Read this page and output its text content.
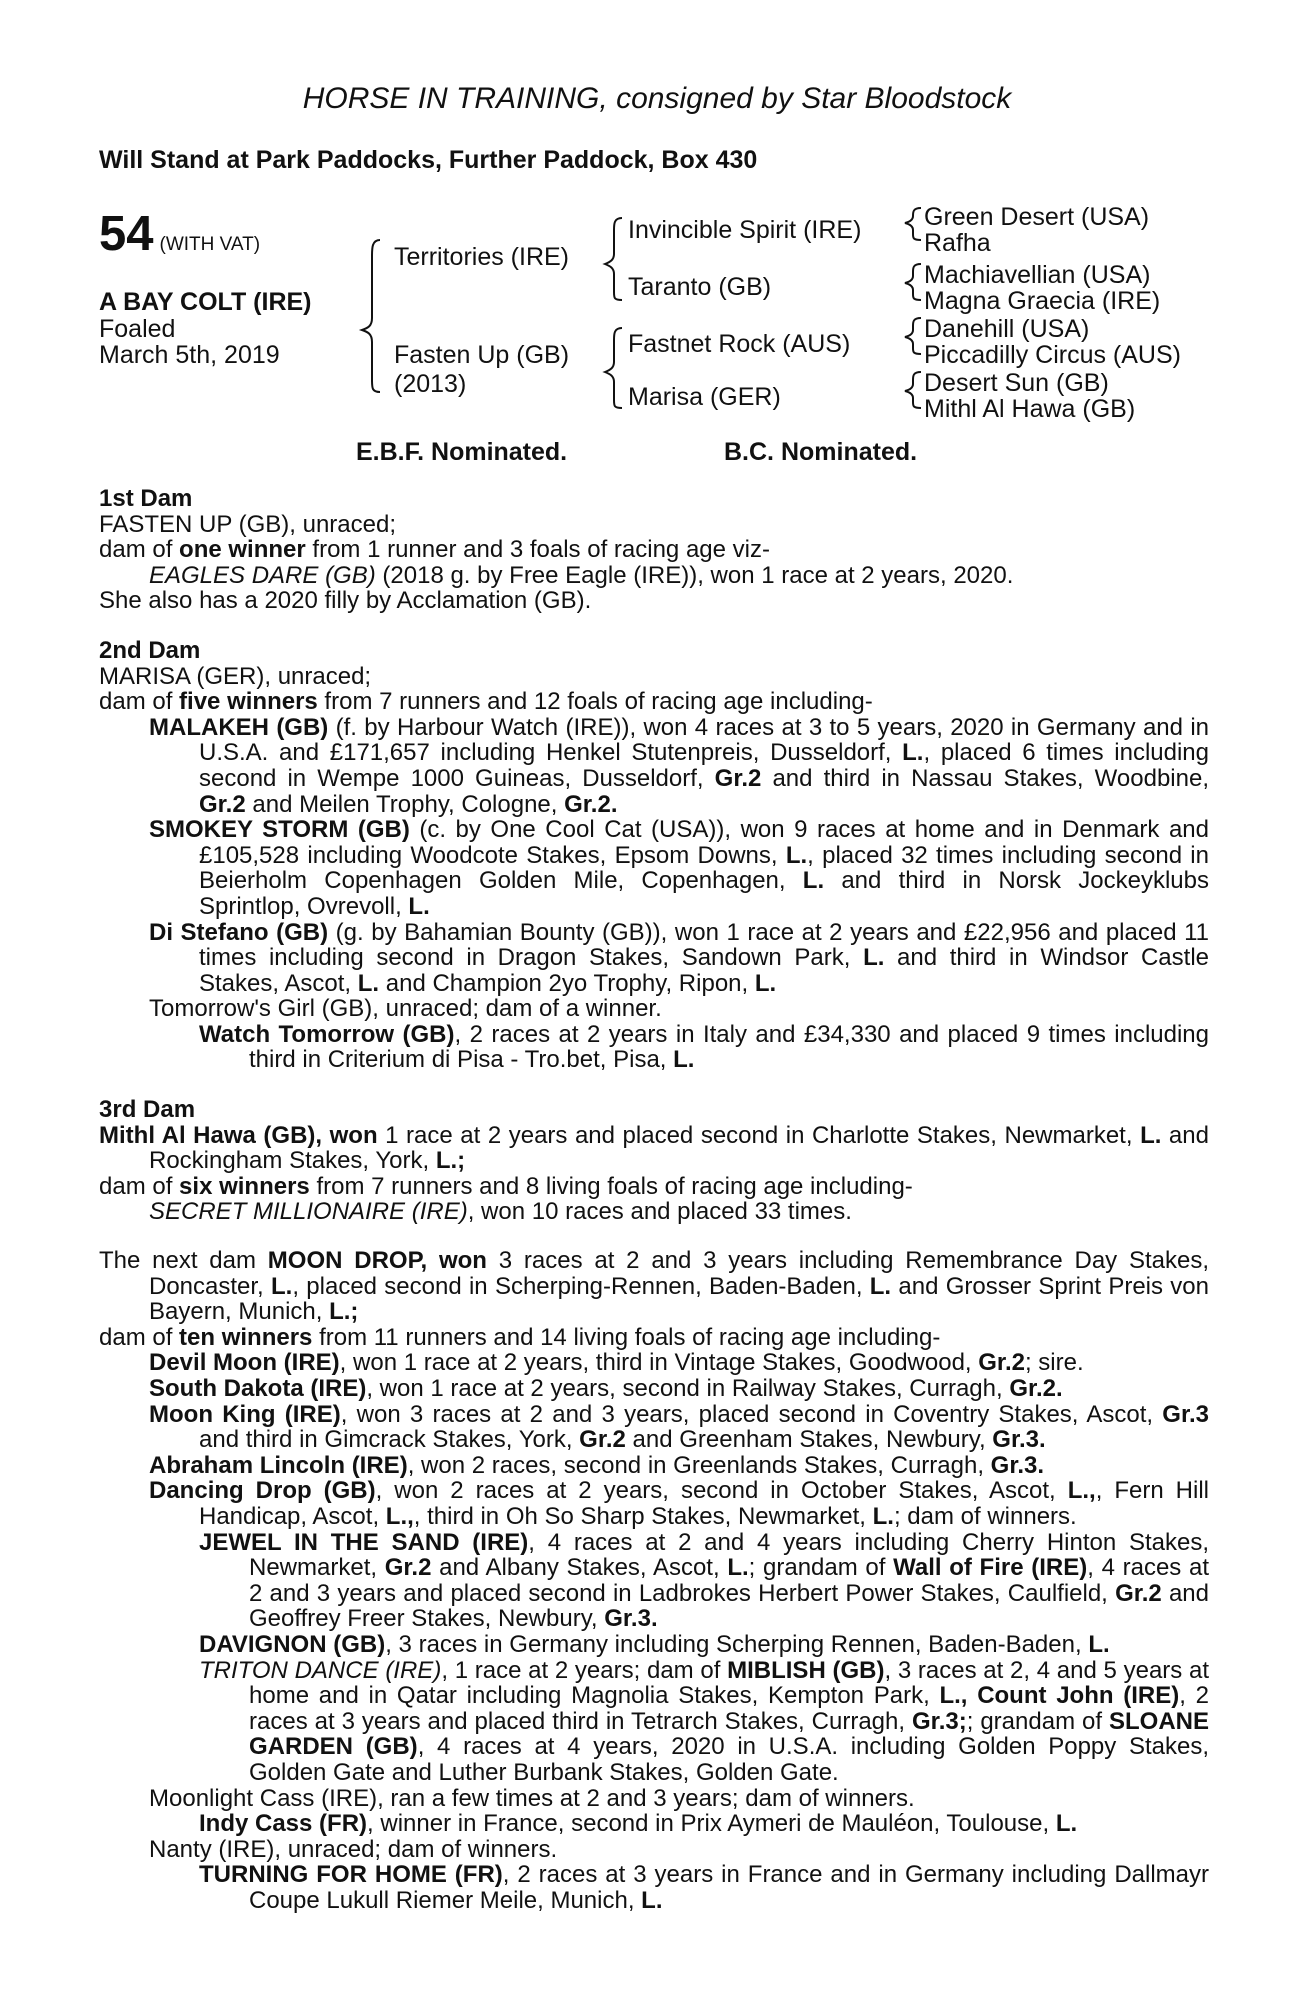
HORSE IN TRAINING, consigned by Star Bloodstock
Will Stand at Park Paddocks, Further Paddock, Box 430
54 (WITH VAT)
A BAY COLT (IRE)
Foaled
March 5th, 2019
Territories (IRE)
Fasten Up (GB)
(2013)
Invincible Spirit (IRE)
Taranto (GB)
Fastnet Rock (AUS)
Marisa (GER)
Green Desert (USA)
Rafha
Machiavellian (USA)
Magna Graecia (IRE)
Danehill (USA)
Piccadilly Circus (AUS)
Desert Sun (GB)
Mithl Al Hawa (GB)
E.B.F. Nominated.	B.C. Nominated.

1st Dam

FASTEN UP (GB), unraced;

dam of one winner from 1 runner and 3 foals of racing age viz-

EAGLES DARE (GB) (2018 g. by Free Eagle (IRE)), won 1 race at 2 years, 2020.

She also has a 2020 filly by Acclamation (GB).

2nd Dam

MARISA (GER), unraced;

dam of five winners from 7 runners and 12 foals of racing age including-

MALAKEH (GB) (f. by Harbour Watch (IRE)), won 4 races at 3 to 5 years, 2020 in Germany and in U.S.A. and £171,657 including Henkel Stutenpreis, Dusseldorf, L., placed 6 times including second in Wempe 1000 Guineas, Dusseldorf, Gr.2 and third in Nassau Stakes, Woodbine, Gr.2 and Meilen Trophy, Cologne, Gr.2.

SMOKEY STORM (GB) (c. by One Cool Cat (USA)), won 9 races at home and in Denmark and £105,528 including Woodcote Stakes, Epsom Downs, L., placed 32 times including second in Beierholm Copenhagen Golden Mile, Copenhagen, L. and third in Norsk Jockeyklubs Sprintlop, Ovrevoll, L.

Di Stefano (GB) (g. by Bahamian Bounty (GB)), won 1 race at 2 years and £22,956 and placed 11 times including second in Dragon Stakes, Sandown Park, L. and third in Windsor Castle Stakes, Ascot, L. and Champion 2yo Trophy, Ripon, L.

Tomorrow's Girl (GB), unraced; dam of a winner.

Watch Tomorrow (GB), 2 races at 2 years in Italy and £34,330 and placed 9 times including third in Criterium di Pisa - Tro.bet, Pisa, L.

3rd Dam

Mithl Al Hawa (GB), won 1 race at 2 years and placed second in Charlotte Stakes, Newmarket, L. and Rockingham Stakes, York, L.;

dam of six winners from 7 runners and 8 living foals of racing age including-

SECRET MILLIONAIRE (IRE), won 10 races and placed 33 times.

The next dam MOON DROP, won 3 races at 2 and 3 years including Remembrance Day Stakes, Doncaster, L., placed second in Scherping-Rennen, Baden-Baden, L. and Grosser Sprint Preis von Bayern, Munich, L.;

dam of ten winners from 11 runners and 14 living foals of racing age including-

Devil Moon (IRE), won 1 race at 2 years, third in Vintage Stakes, Goodwood, Gr.2; sire.

South Dakota (IRE), won 1 race at 2 years, second in Railway Stakes, Curragh, Gr.2.

Moon King (IRE), won 3 races at 2 and 3 years, placed second in Coventry Stakes, Ascot, Gr.3 and third in Gimcrack Stakes, York, Gr.2 and Greenham Stakes, Newbury, Gr.3.

Abraham Lincoln (IRE), won 2 races, second in Greenlands Stakes, Curragh, Gr.3.

Dancing Drop (GB), won 2 races at 2 years, second in October Stakes, Ascot, L.,, Fern Hill Handicap, Ascot, L.,, third in Oh So Sharp Stakes, Newmarket, L.; dam of winners.

JEWEL IN THE SAND (IRE), 4 races at 2 and 4 years including Cherry Hinton Stakes, Newmarket, Gr.2 and Albany Stakes, Ascot, L.; grandam of Wall of Fire (IRE), 4 races at 2 and 3 years and placed second in Ladbrokes Herbert Power Stakes, Caulfield, Gr.2 and Geoffrey Freer Stakes, Newbury, Gr.3.

DAVIGNON (GB), 3 races in Germany including Scherping Rennen, Baden-Baden, L.

TRITON DANCE (IRE), 1 race at 2 years; dam of MIBLISH (GB), 3 races at 2, 4 and 5 years at home and in Qatar including Magnolia Stakes, Kempton Park, L., Count John (IRE), 2 races at 3 years and placed third in Tetrarch Stakes, Curragh, Gr.3;; grandam of SLOANE GARDEN (GB), 4 races at 4 years, 2020 in U.S.A. including Golden Poppy Stakes, Golden Gate and Luther Burbank Stakes, Golden Gate.

Moonlight Cass (IRE), ran a few times at 2 and 3 years; dam of winners.

Indy Cass (FR), winner in France, second in Prix Aymeri de Mauléon, Toulouse, L.

Nanty (IRE), unraced; dam of winners.

TURNING FOR HOME (FR), 2 races at 3 years in France and in Germany including Dallmayr Coupe Lukull Riemer Meile, Munich, L.
